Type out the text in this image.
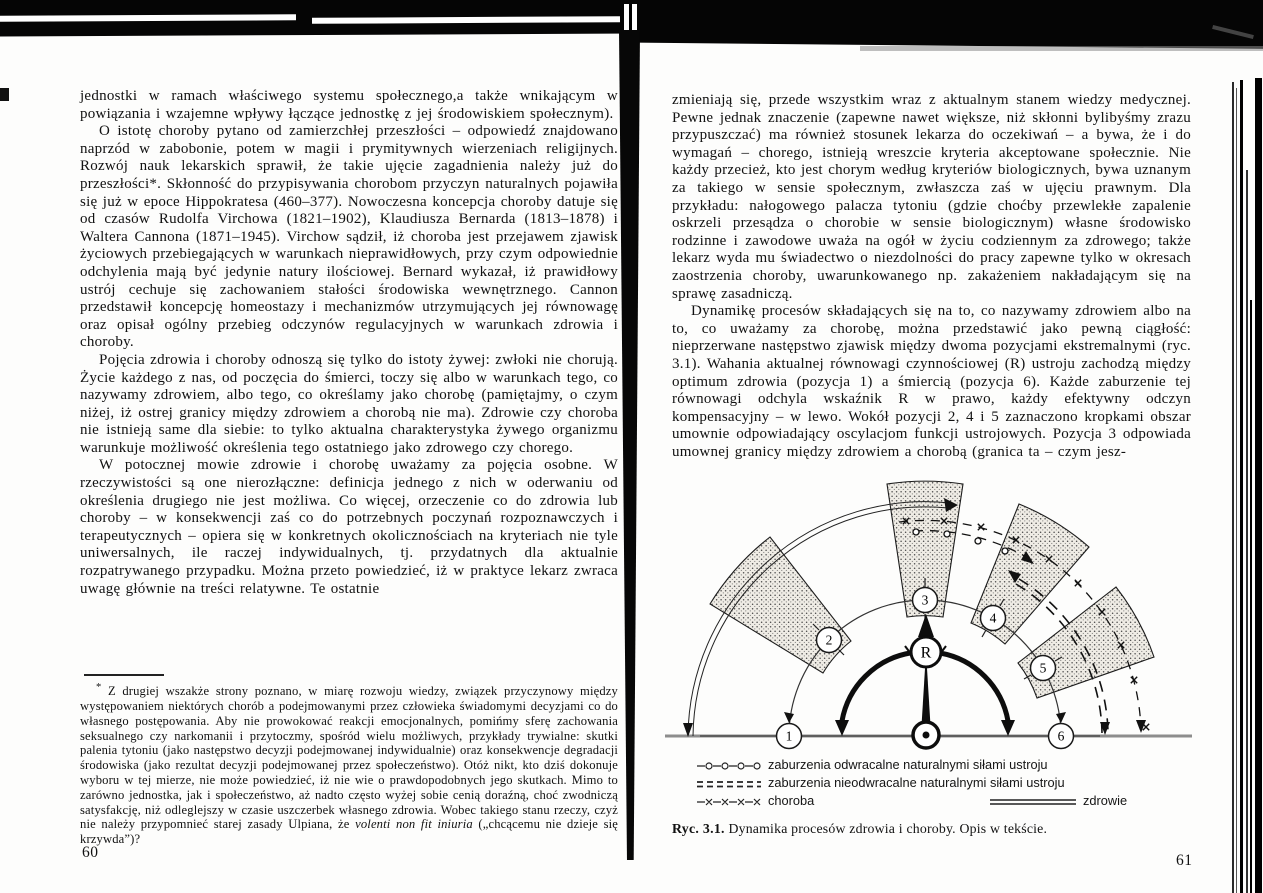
jednostki w ramach właściwego systemu społecznego,a także wnikającym w powiązania i wzajemne wpływy łączące jednostkę z jej środowiskiem społecznym).

O istotę choroby pytano od zamierzchłej przeszłości – odpowiedź znajdowano naprzód w zabobonie, potem w magii i prymitywnych wierzeniach religijnych. Rozwój nauk lekarskich sprawił, że takie ujęcie zagadnienia należy już do przeszłości*. Skłonność do przypisywania chorobom przyczyn naturalnych pojawiła się już w epoce Hippokratesa (460–377). Nowoczesna koncepcja choroby datuje się od czasów Rudolfa Virchowa (1821–1902), Klaudiusza Bernarda (1813–1878) i Waltera Cannona (1871–1945). Virchow sądził, iż choroba jest przejawem zjawisk życiowych przebiegających w warunkach nieprawidłowych, przy czym odpowiednie odchylenia mają być jedynie natury ilościowej. Bernard wykazał, iż prawidłowy ustrój cechuje się zachowaniem stałości środowiska wewnętrznego. Cannon przedstawił koncepcję homeostazy i mechanizmów utrzymujących jej równowagę oraz opisał ogólny przebieg odczynów regulacyjnych w warunkach zdrowia i choroby.

Pojęcia zdrowia i choroby odnoszą się tylko do istoty żywej: zwłoki nie chorują. Życie każdego z nas, od poczęcia do śmierci, toczy się albo w warunkach tego, co nazywamy zdrowiem, albo tego, co określamy jako chorobę (pamiętajmy, o czym niżej, iż ostrej granicy między zdrowiem a chorobą nie ma). Zdrowie czy choroba nie istnieją same dla siebie: to tylko aktualna charakterystyka żywego organizmu warunkuje możliwość określenia tego ostatniego jako zdrowego czy chorego.

W potocznej mowie zdrowie i chorobę uważamy za pojęcia osobne. W rzeczywistości są one nierozłączne: definicja jednego z nich w oderwaniu od określenia drugiego nie jest możliwa. Co więcej, orzeczenie co do zdrowia lub choroby – w konsekwencji zaś co do potrzebnych poczynań rozpoznawczych i terapeutycznych – opiera się w konkretnych okolicznościach na kryteriach nie tyle uniwersalnych, ile raczej indywidualnych, tj. przydatnych dla aktualnie rozpatrywanego przypadku. Można przeto powiedzieć, iż w praktyce lekarz zwraca uwagę głównie na treści relatywne. Te ostatnie

* Z drugiej wszakże strony poznano, w miarę rozwoju wiedzy, związek przyczynowy między występowaniem niektórych chorób a podejmowanymi przez człowieka świadomymi decyzjami co do własnego postępowania. Aby nie prowokować reakcji emocjonalnych, pomińmy sferę zachowania seksualnego czy narkomanii i przytoczmy, spośród wielu możliwych, przykłady trywialne: skutki palenia tytoniu (jako następstwo decyzji podejmowanej indywidualnie) oraz konsekwencje degradacji środowiska (jako rezultat decyzji podejmowanej przez społeczeństwo). Otóż nikt, kto dziś dokonuje wyboru w tej mierze, nie może powiedzieć, iż nie wie o prawdopodobnych jego skutkach. Mimo to zarówno jednostka, jak i społeczeństwo, aż nadto często wyżej sobie cenią doraźną, choć zwodniczą satysfakcję, niż odleglejszy w czasie uszczerbek własnego zdrowia. Wobec takiego stanu rzeczy, czyż nie należy przypomnieć starej zasady Ulpiana, że volenti non fit iniuria („chcącemu nie dzieje się krzywda”)?
60

zmieniają się, przede wszystkim wraz z aktualnym stanem wiedzy medycznej. Pewne jednak znaczenie (zapewne nawet większe, niż skłonni bylibyśmy zrazu przypuszczać) ma również stosunek lekarza do oczekiwań – a bywa, że i do wymagań – chorego, istnieją wreszcie kryteria akceptowane społecznie. Nie każdy przecież, kto jest chorym według kryteriów biologicznych, bywa uznanym za takiego w sensie społecznym, zwłaszcza zaś w ujęciu prawnym. Dla przykładu: nałogowego palacza tytoniu (gdzie choćby przewlekłe zapalenie oskrzeli przesądza o chorobie w sensie biologicznym) własne środowisko rodzinne i zawodowe uważa na ogół w życiu codziennym za zdrowego; także lekarz wyda mu świadectwo o niezdolności do pracy zapewne tylko w okresach zaostrzenia choroby, uwarunkowanego np. zakażeniem nakładającym się na sprawę zasadniczą.

Dynamikę procesów składających się na to, co nazywamy zdrowiem albo na to, co uważamy za chorobę, można przedstawić jako pewną ciągłość: nieprzerwane następstwo zjawisk między dwoma pozycjami ekstremalnymi (ryc. 3.1). Wahania aktualnej równowagi czynnościowej (R) ustroju zachodzą między optimum zdrowia (pozycja 1) a śmiercią (pozycja 6). Każde zaburzenie tej równowagi odchyla wskaźnik R w prawo, każdy efektywny odczyn kompensacyjny – w lewo. Wokół pozycji 2, 4 i 5 zaznaczono kropkami obszar umownie odpowiadający oscylacjom funkcji ustrojowych. Pozycja 3 odpowiada umownej granicy między zdrowiem a chorobą (granica ta – czym jesz-

R
1
2
3
4
5
6
zaburzenia odwracalne naturalnymi siłami ustroju
zaburzenia nieodwracalne naturalnymi siłami ustroju
choroba	zdrowie
Ryc. 3.1. Dynamika procesów zdrowia i choroby. Opis w tekście.
61
